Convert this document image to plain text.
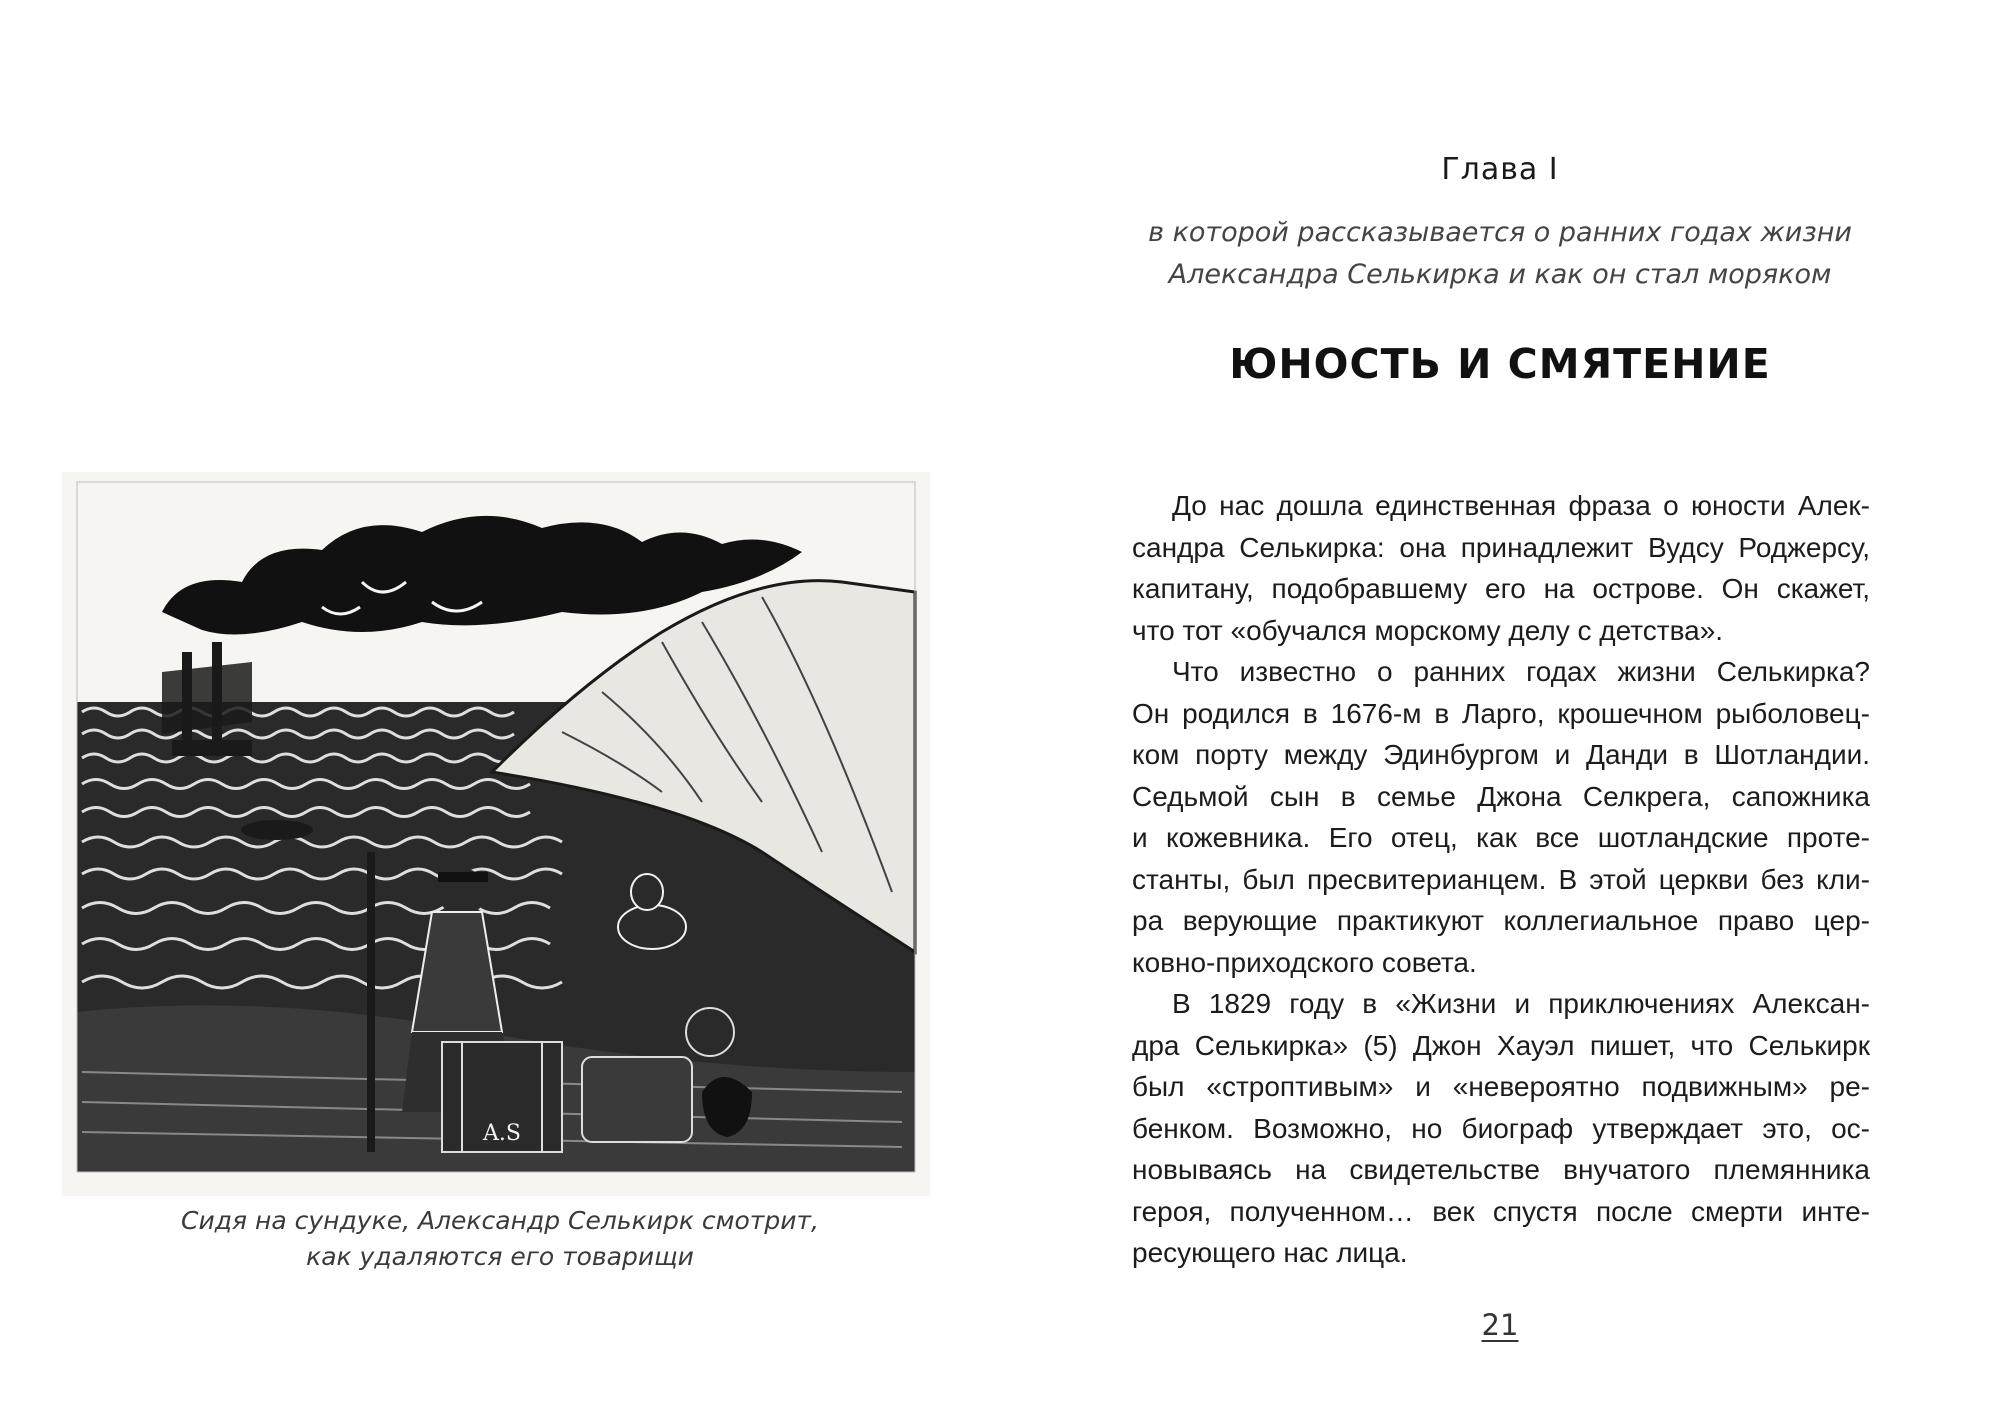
A.S
Сидя на сундуке, Александр Селькирк смотрит,
как удаляются его товарищи
Глава I
в которой рассказывается о ранних годах жизни
Александра Селькирка и как он стал моряком
ЮНОСТЬ И СМЯТЕНИЕ
До нас дошла единственная фраза о юности Алек-
сандра Селькирка: она принадлежит Вудсу Роджерсу,
капитану, подобравшему его на острове. Он скажет,
что тот «обучался морскому делу с детства».
Что известно о ранних годах жизни Селькирка?
Он родился в 1676-м в Ларго, крошечном рыболовец-
ком порту между Эдинбургом и Данди в Шотландии.
Седьмой сын в семье Джона Селкрега, сапожника
и кожевника. Его отец, как все шотландские проте-
станты, был пресвитерианцем. В этой церкви без кли-
ра верующие практикуют коллегиальное право цер-
ковно-приходского совета.
В 1829 году в «Жизни и приключениях Алексан-
дра Селькирка» (5) Джон Хауэл пишет, что Селькирк
был «строптивым» и «невероятно подвижным» ре-
бенком. Возможно, но биограф утверждает это, ос-
новываясь на свидетельстве внучатого племянника
героя, полученном… век спустя после смерти инте-
ресующего нас лица.
21
